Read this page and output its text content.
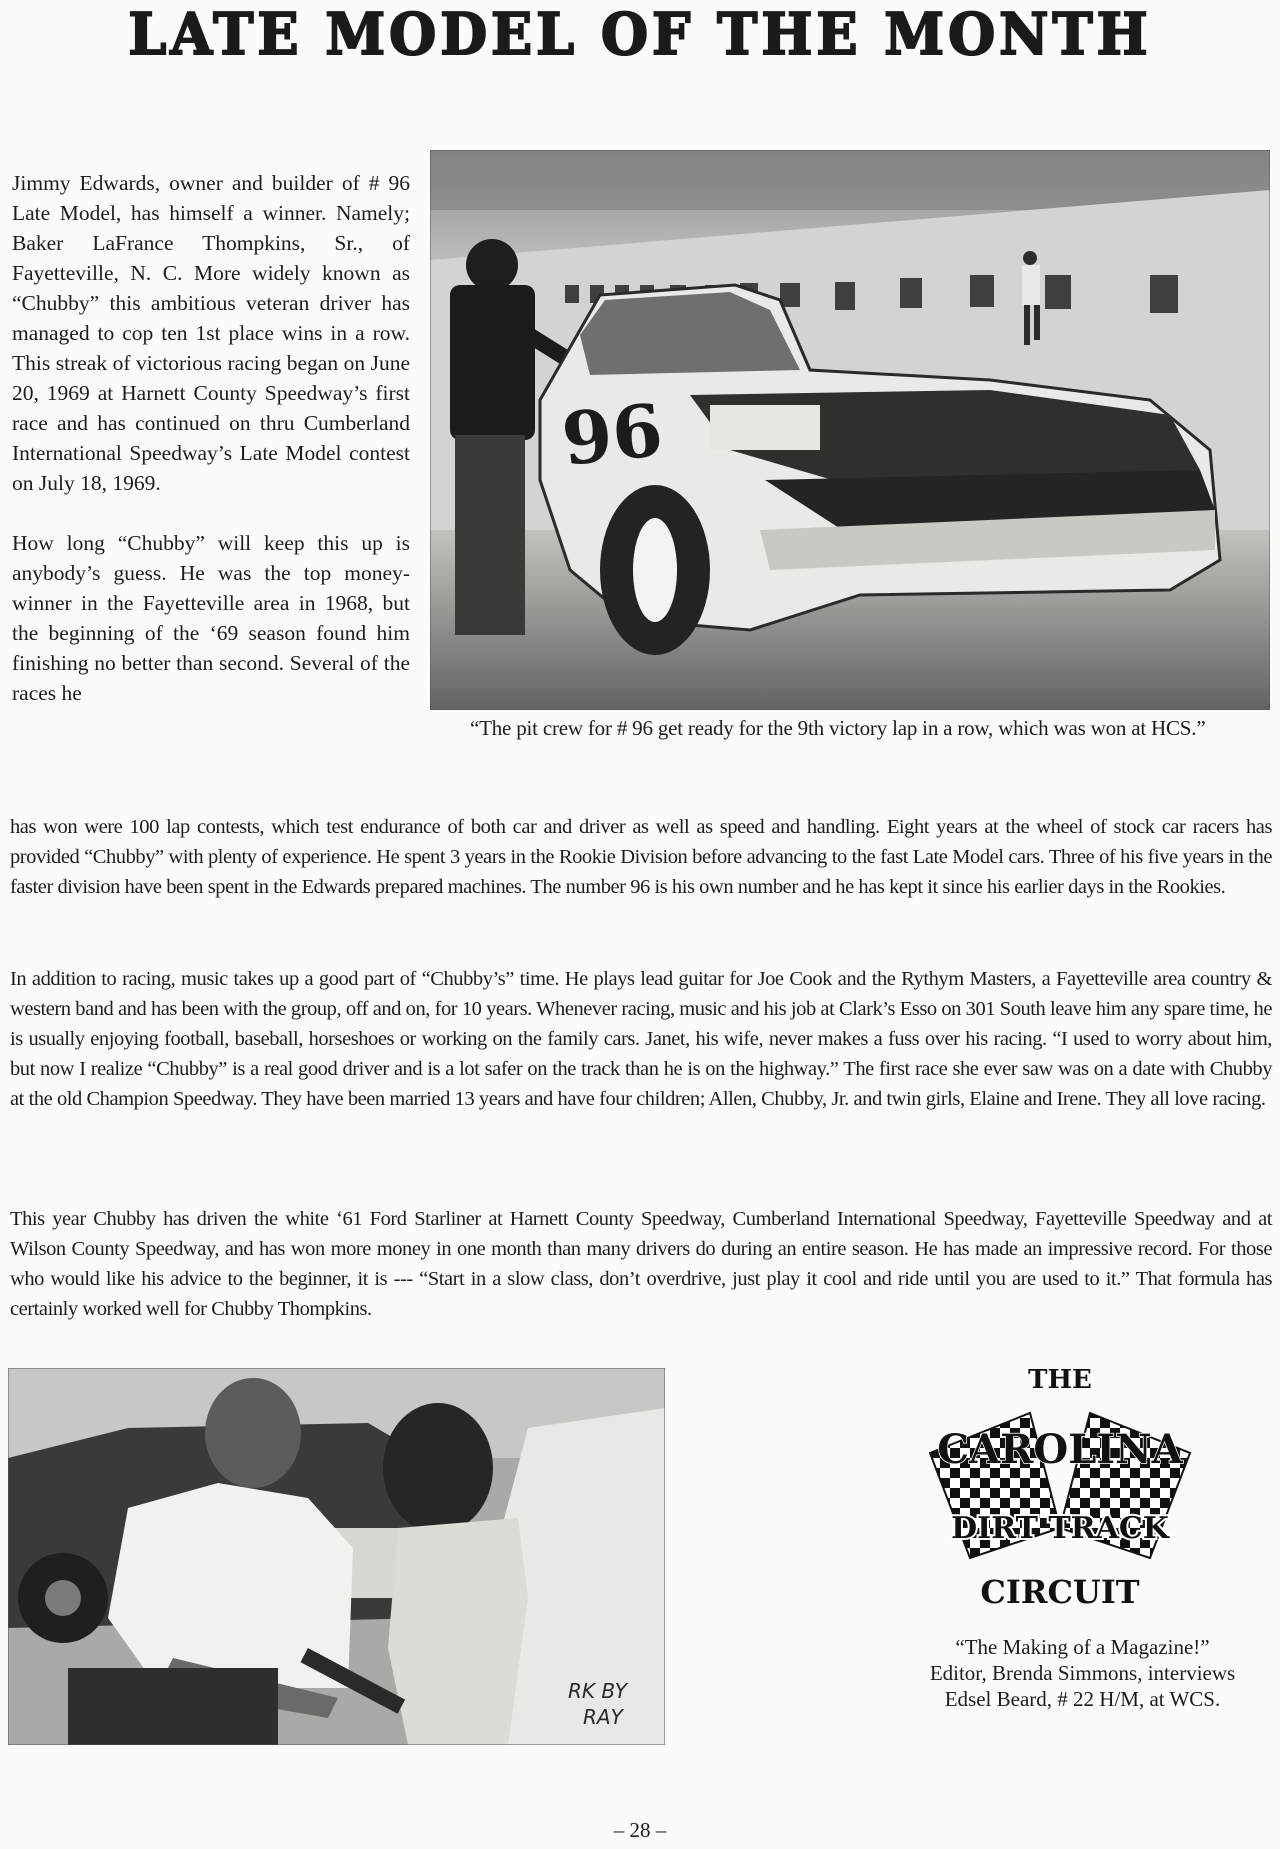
LATE MODEL OF THE MONTH

Jimmy Edwards, owner and builder of # 96 Late Model, has himself a winner. Namely; Baker LaFrance Thompkins, Sr., of Fayetteville, N. C. More widely known as “Chubby” this ambitious veteran driver has managed to cop ten 1st place wins in a row. This streak of victorious racing began on June 20, 1969 at Harnett County Speedway’s first race and has continued on thru Cumberland International Speedway’s Late Model contest on July 18, 1969.

How long “Chubby” will keep this up is anybody’s guess. He was the top money-winner in the Fayetteville area in 1968, but the beginning of the ‘69 season found him finishing no better than second. Several of the races he

96
“The pit crew for # 96 get ready for the 9th victory lap in a row, which was won at HCS.”

has won were 100 lap contests, which test endurance of both car and driver as well as speed and handling. Eight years at the wheel of stock car racers has provided “Chubby” with plenty of experience. He spent 3 years in the Rookie Division before advancing to the fast Late Model cars. Three of his five years in the faster division have been spent in the Edwards prepared machines. The number 96 is his own number and he has kept it since his earlier days in the Rookies.

In addition to racing, music takes up a good part of “Chubby’s” time. He plays lead guitar for Joe Cook and the Rythym Masters, a Fayetteville area country & western band and has been with the group, off and on, for 10 years. Whenever racing, music and his job at Clark’s Esso on 301 South leave him any spare time, he is usually enjoying football, baseball, horseshoes or working on the family cars. Janet, his wife, never makes a fuss over his racing. “I used to worry about him, but now I realize “Chubby” is a real good driver and is a lot safer on the track than he is on the highway.” The first race she ever saw was on a date with Chubby at the old Champion Speedway. They have been married 13 years and have four children; Allen, Chubby, Jr. and twin girls, Elaine and Irene. They all love racing.

This year Chubby has driven the white ‘61 Ford Starliner at Harnett County Speedway, Cumberland International Speedway, Fayetteville Speedway and at Wilson County Speedway, and has won more money in one month than many drivers do during an entire season. He has made an impressive record. For those who would like his advice to the beginner, it is --- “Start in a slow class, don’t overdrive, just play it cool and ride until you are used to it.” That formula has certainly worked well for Chubby Thompkins.

RK BY
RAY
THE
CAROLINA
DIRT TRACK
CIRCUIT
“The Making of a Magazine!”
Editor, Brenda Simmons, interviews
Edsel Beard, # 22 H/M, at WCS.
– 28 –
